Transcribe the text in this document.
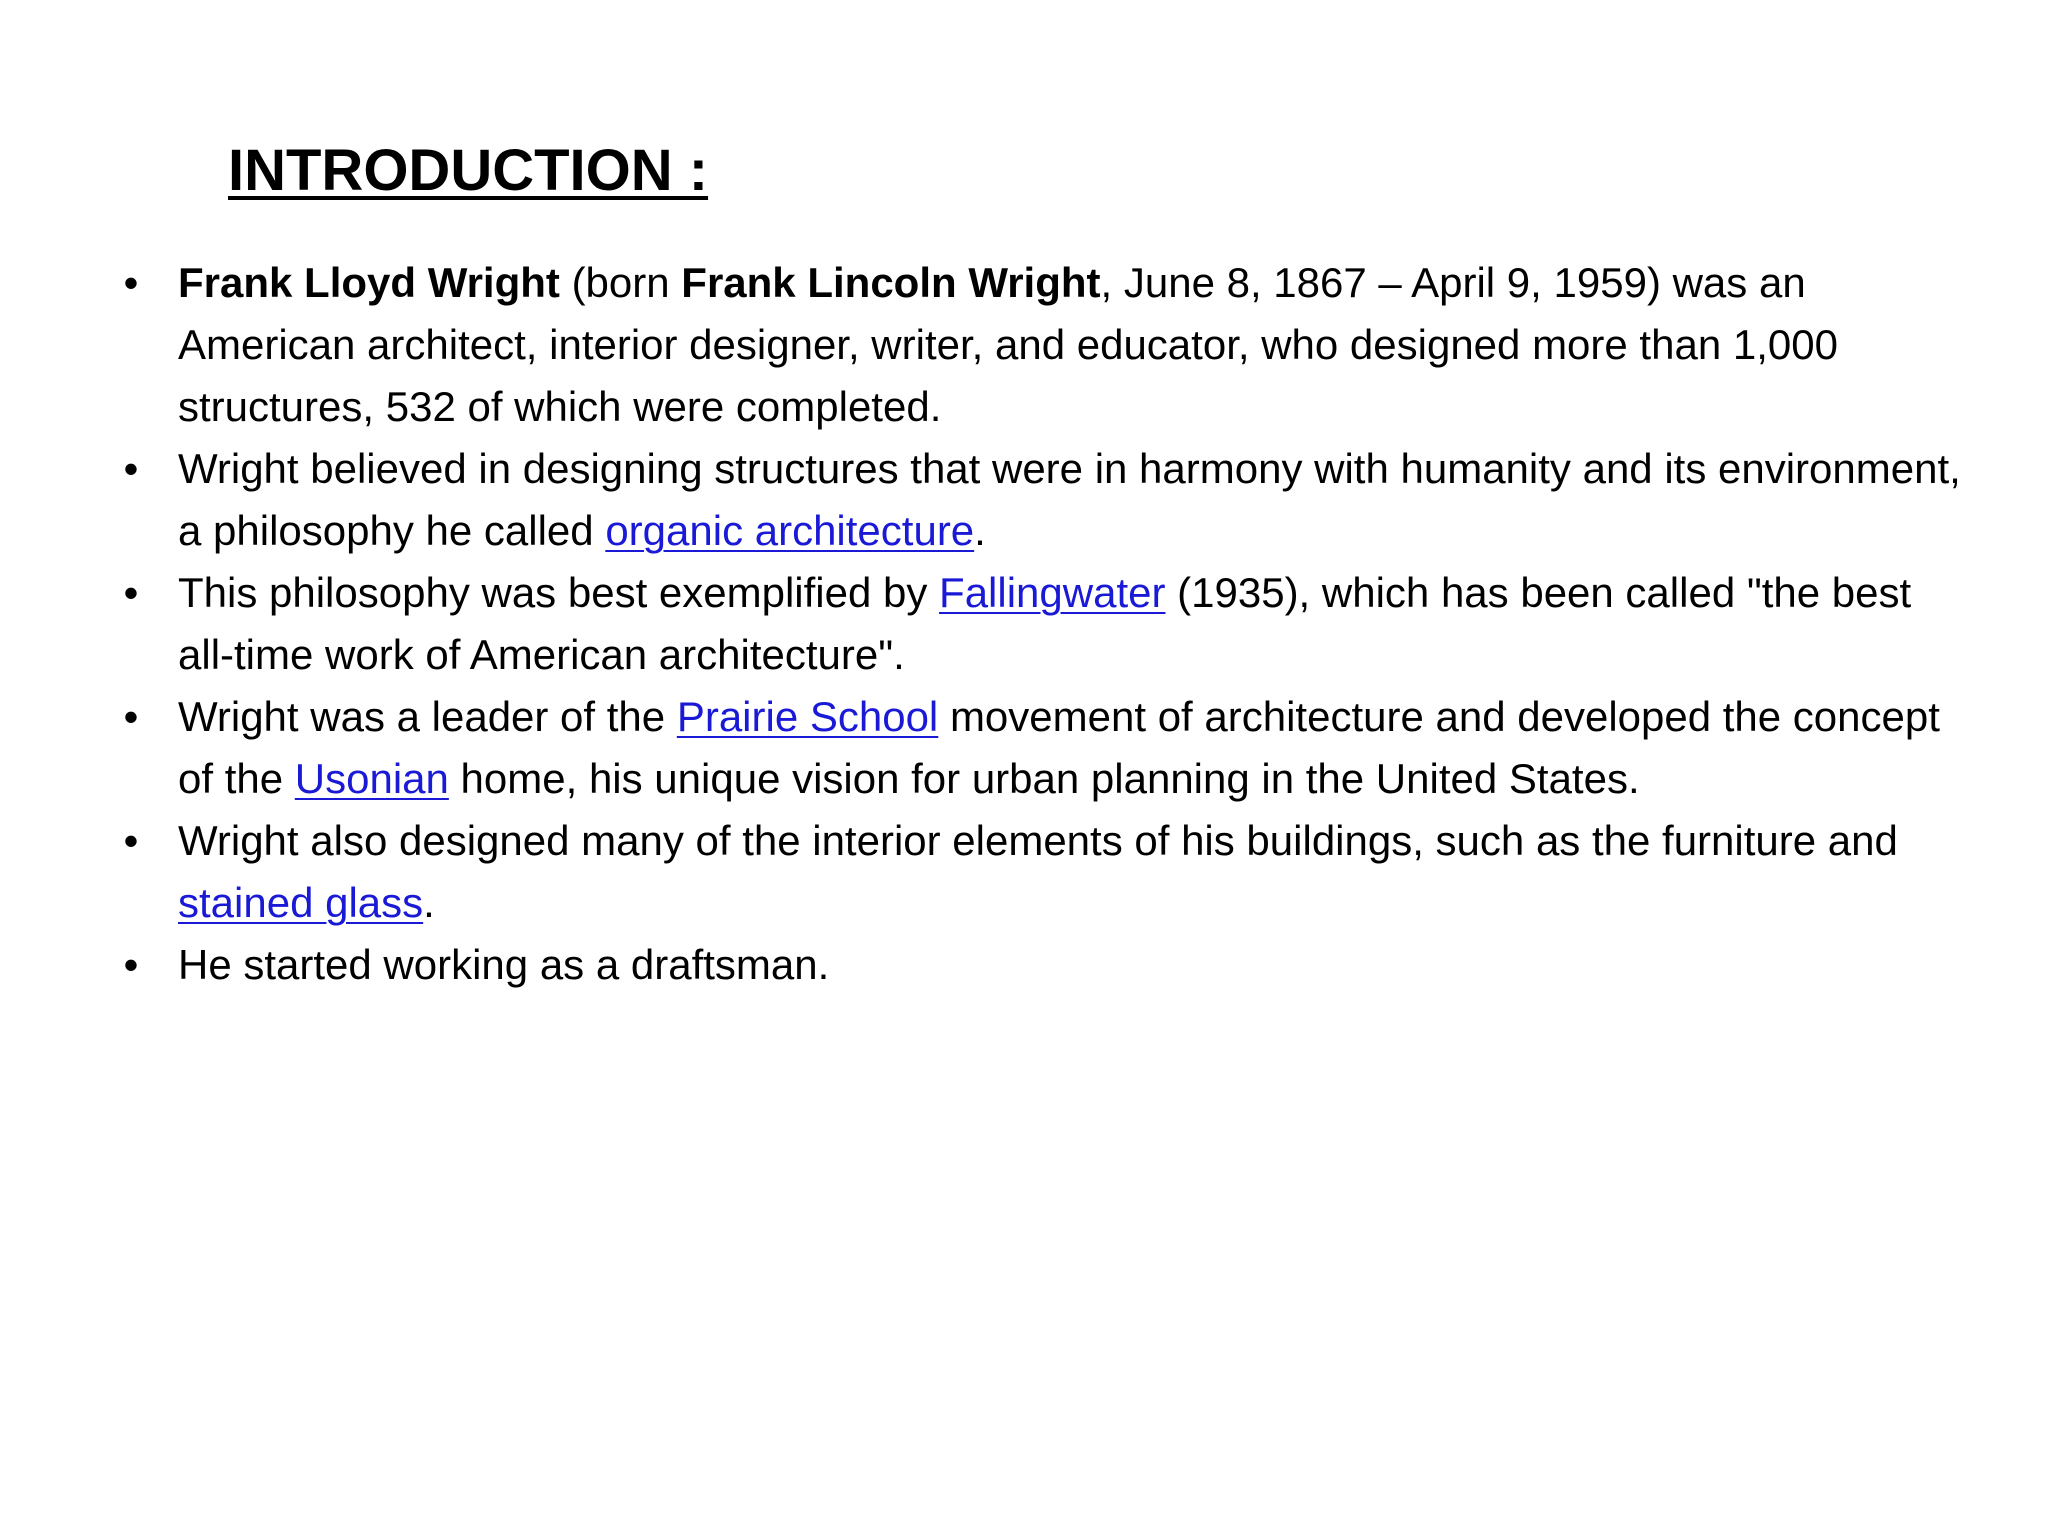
INTRODUCTION :
• Frank Lloyd Wright (born Frank Lincoln Wright, June 8, 1867 – April 9, 1959) was an American architect, interior designer, writer, and educator, who designed more than 1,000 structures, 532 of which were completed.
• Wright believed in designing structures that were in harmony with humanity and its environment, a philosophy he called organic architecture.
• This philosophy was best exemplified by Fallingwater (1935), which has been called "the best all-time work of American architecture".
• Wright was a leader of the Prairie School movement of architecture and developed the concept of the Usonian home, his unique vision for urban planning in the United States.
• Wright also designed many of the interior elements of his buildings, such as the furniture and stained glass.
• He started working as a draftsman.
